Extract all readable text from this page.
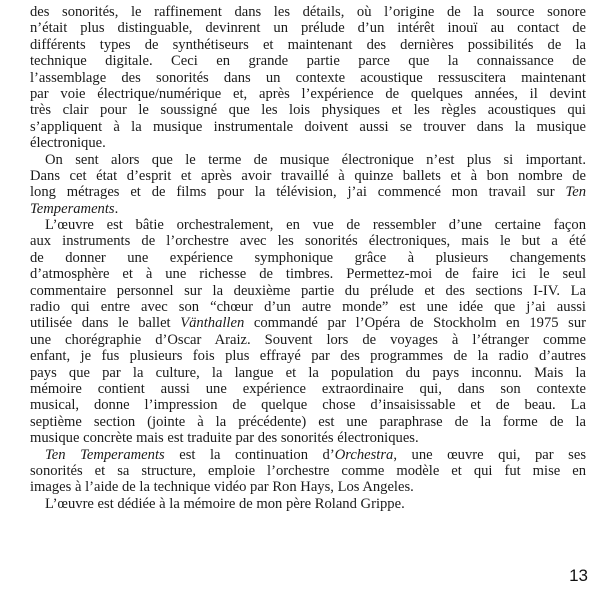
des sonorités, le raffinement dans les détails, où l’origine de la source sonore
n’était plus distinguable, devinrent un prélude d’un intérêt inouï au contact de
différents types de synthétiseurs et maintenant des dernières possibilités de la
technique digitale. Ceci en grande partie parce que la connaissance de
l’assemblage des sonorités dans un contexte acoustique ressuscitera maintenant
par voie électrique/numérique et, après l’expérience de quelques années, il devint
très clair pour le soussigné que les lois physiques et les règles acoustiques qui
s’appliquent à la musique instrumentale doivent aussi se trouver dans la musique
électronique.
On sent alors que le terme de musique électronique n’est plus si important.
Dans cet état d’esprit et après avoir travaillé à quinze ballets et à bon nombre de
long métrages et de films pour la télévision, j’ai commencé mon travail sur Ten
Temperaments.
L’œuvre est bâtie orchestralement, en vue de ressembler d’une certaine façon
aux instruments de l’orchestre avec les sonorités électroniques, mais le but a été
de donner une expérience symphonique grâce à plusieurs changements
d’atmosphère et à une richesse de timbres. Permettez-moi de faire ici le seul
commentaire personnel sur la deuxième partie du prélude et des sections I-IV. La
radio qui entre avec son “chœur d’un autre monde” est une idée que j’ai aussi
utilisée dans le ballet Vänthallen commandé par l’Opéra de Stockholm en 1975 sur
une chorégraphie d’Oscar Araiz. Souvent lors de voyages à l’étranger comme
enfant, je fus plusieurs fois plus effrayé par des programmes de la radio d’autres
pays que par la culture, la langue et la population du pays inconnu. Mais la
mémoire contient aussi une expérience extraordinaire qui, dans son contexte
musical, donne l’impression de quelque chose d’insaisissable et de beau. La
septième section (jointe à la précédente) est une paraphrase de la forme de la
musique concrète mais est traduite par des sonorités électroniques.
Ten Temperaments est la continuation d’Orchestra, une œuvre qui, par ses
sonorités et sa structure, emploie l’orchestre comme modèle et qui fut mise en
images à l’aide de la technique vidéo par Ron Hays, Los Angeles.
L’œuvre est dédiée à la mémoire de mon père Roland Grippe.
13
